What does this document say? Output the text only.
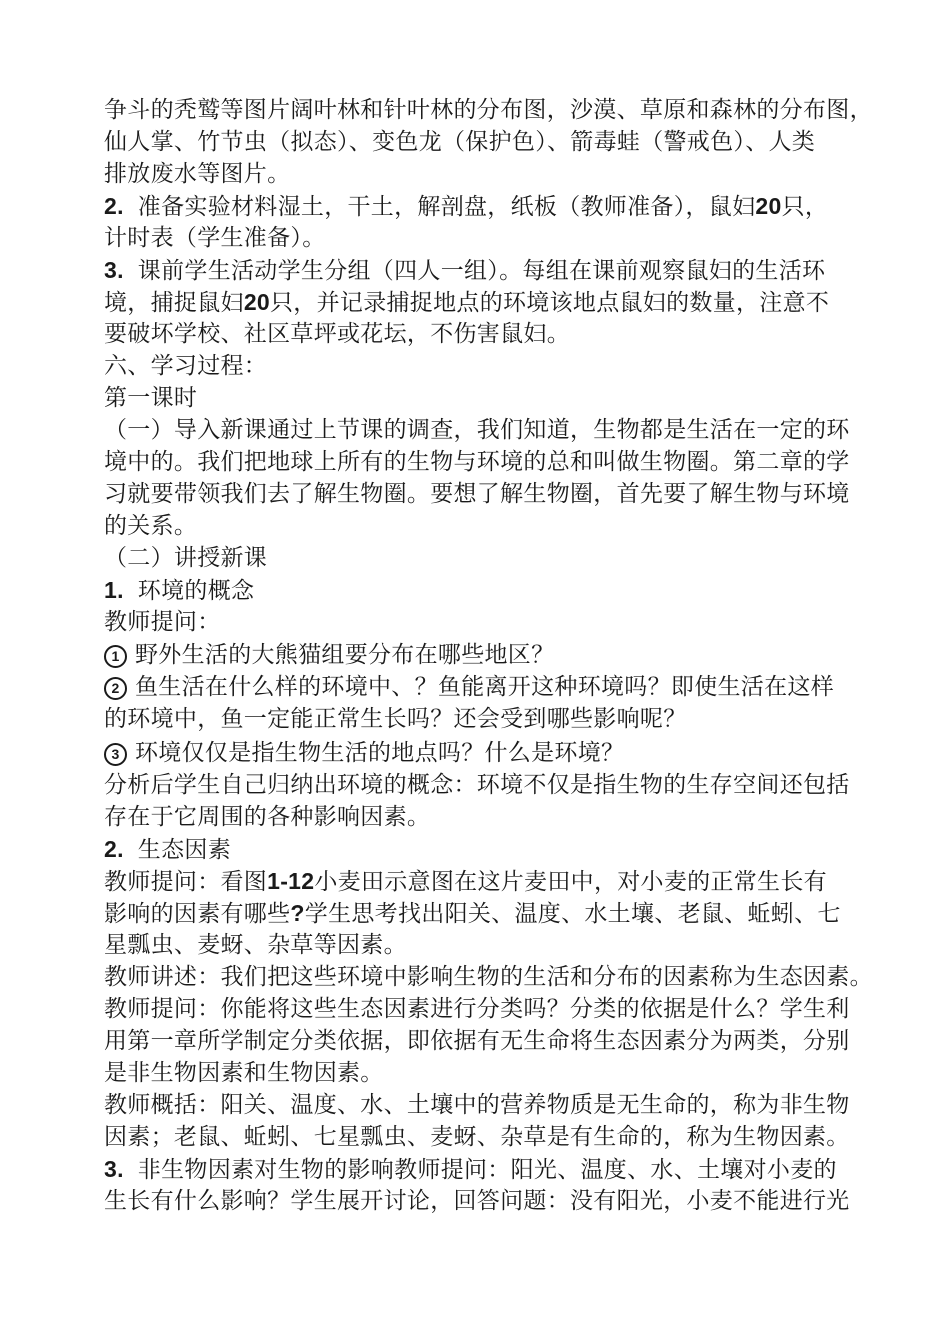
争斗的秃鹫等图片阔叶林和针叶林的分布图，沙漠、草原和森林的分布图，

仙人掌、竹节虫（拟态）、变色龙（保护色）、箭毒蛙（警戒色）、人类

排放废水等图片。

2. 准备实验材料湿土，干土，解剖盘，纸板（教师准备），鼠妇20只，

计时表（学生准备）。

3. 课前学生活动学生分组（四人一组）。每组在课前观察鼠妇的生活环

境，捕捉鼠妇20只，并记录捕捉地点的环境该地点鼠妇的数量，注意不

要破坏学校、社区草坪或花坛，不伤害鼠妇。

六、学习过程：

第一课时

（一）导入新课通过上节课的调查，我们知道，生物都是生活在一定的环

境中的。我们把地球上所有的生物与环境的总和叫做生物圈。第二章的学

习就要带领我们去了解生物圈。要想了解生物圈，首先要了解生物与环境

的关系。

（二）讲授新课

1. 环境的概念

教师提问：

1 野外生活的大熊猫组要分布在哪些地区？

2 鱼生活在什么样的环境中、？鱼能离开这种环境吗？即使生活在这样

的环境中，鱼一定能正常生长吗？还会受到哪些影响呢？

3 环境仅仅是指生物生活的地点吗？什么是环境？

分析后学生自己归纳出环境的概念：环境不仅是指生物的生存空间还包括

存在于它周围的各种影响因素。

2. 生态因素

教师提问：看图1-12小麦田示意图在这片麦田中，对小麦的正常生长有

影响的因素有哪些?学生思考找出阳关、温度、水土壤、老鼠、蚯蚓、七

星瓢虫、麦蚜、杂草等因素。

教师讲述：我们把这些环境中影响生物的生活和分布的因素称为生态因素。

教师提问：你能将这些生态因素进行分类吗？分类的依据是什么？学生利

用第一章所学制定分类依据，即依据有无生命将生态因素分为两类，分别

是非生物因素和生物因素。

教师概括：阳关、温度、水、土壤中的营养物质是无生命的，称为非生物

因素；老鼠、蚯蚓、七星瓢虫、麦蚜、杂草是有生命的，称为生物因素。

3. 非生物因素对生物的影响教师提问：阳光、温度、水、土壤对小麦的

生长有什么影响？学生展开讨论，回答问题：没有阳光，小麦不能进行光
